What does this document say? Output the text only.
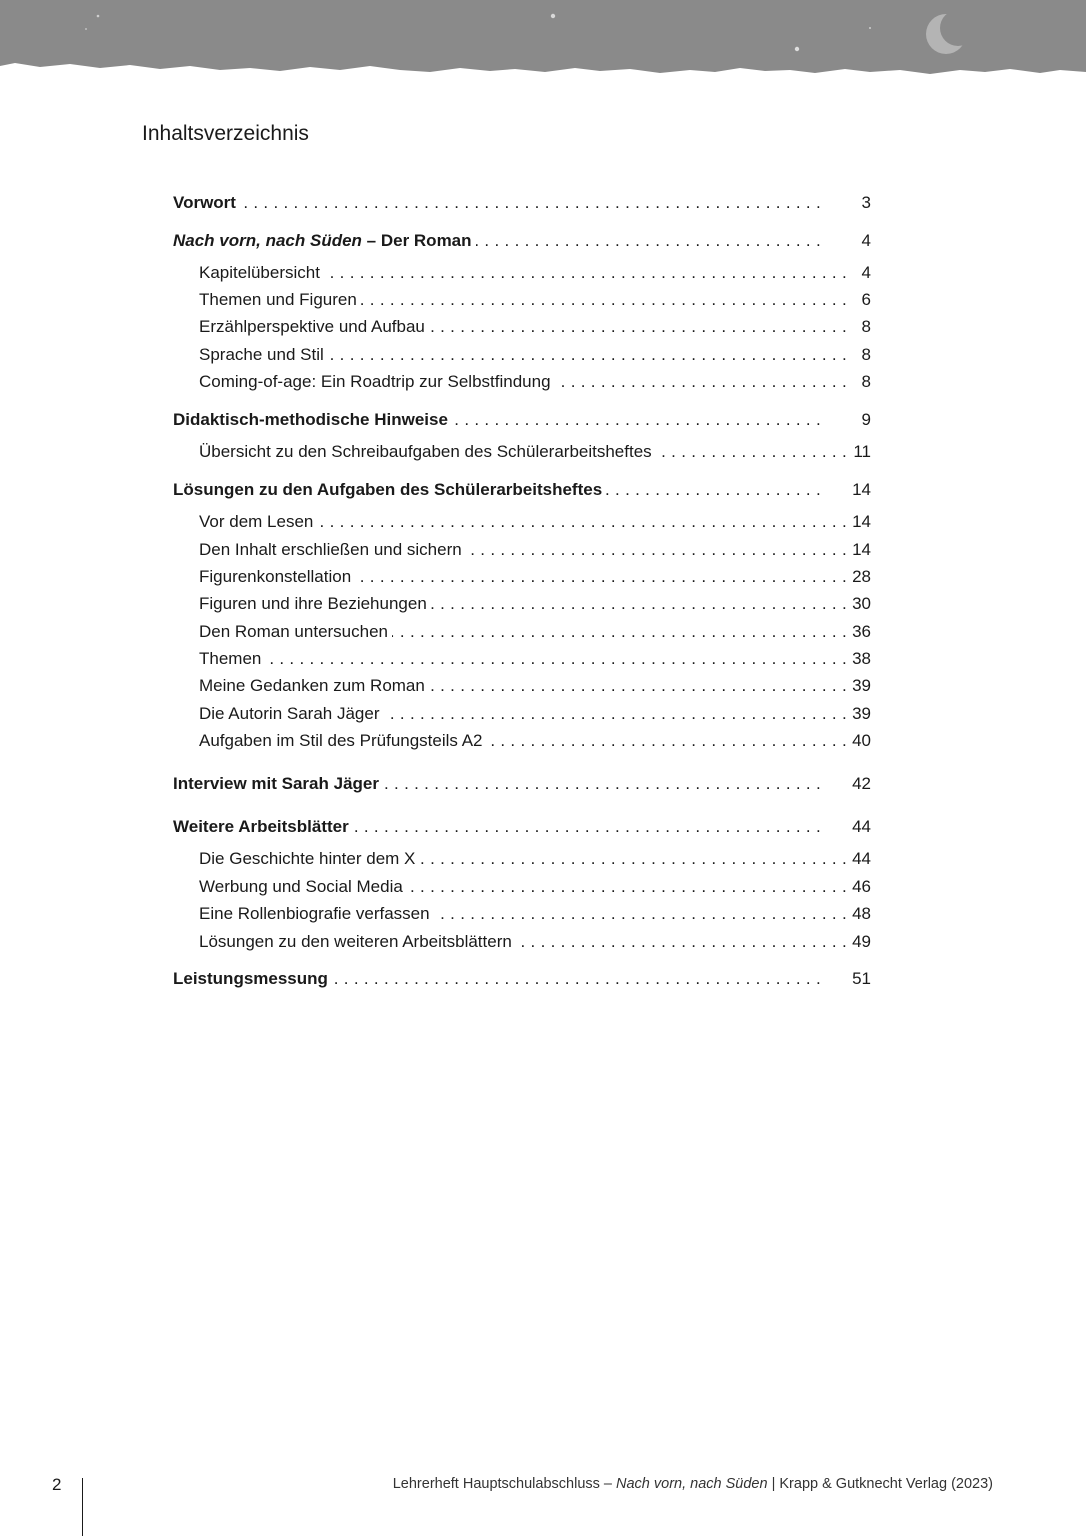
Inhaltsverzeichnis
Vorwort . . .	3
Nach vorn, nach Süden – Der Roman . . .	4
Kapitelübersicht . . .	4
Themen und Figuren . . .	6
Erzählperspektive und Aufbau . . .	8
Sprache und Stil . . .	8
Coming-of-age: Ein Roadtrip zur Selbstfindung . . .	8
Didaktisch-methodische Hinweise . . .	9
Übersicht zu den Schreibaufgaben des Schülerarbeitsheftes . . .	11
Lösungen zu den Aufgaben des Schülerarbeitsheftes . . .	14
Vor dem Lesen . . .	14
Den Inhalt erschließen und sichern . . .	14
Figurenkonstellation . . .	28
Figuren und ihre Beziehungen . . .	30
Den Roman untersuchen . . .	36
Themen . . .	38
Meine Gedanken zum Roman . . .	39
Die Autorin Sarah Jäger . . .	39
Aufgaben im Stil des Prüfungsteils A2 . . .	40
Interview mit Sarah Jäger . . .	42
Weitere Arbeitsblätter . . .	44
Die Geschichte hinter dem X . . .	44
Werbung und Social Media . . .	46
Eine Rollenbiografie verfassen . . .	48
Lösungen zu den weiteren Arbeitsblättern . . .	49
Leistungsmessung . . .	51
2	Lehrerheft Hauptschulabschluss – Nach vorn, nach Süden | Krapp & Gutknecht Verlag (2023)
